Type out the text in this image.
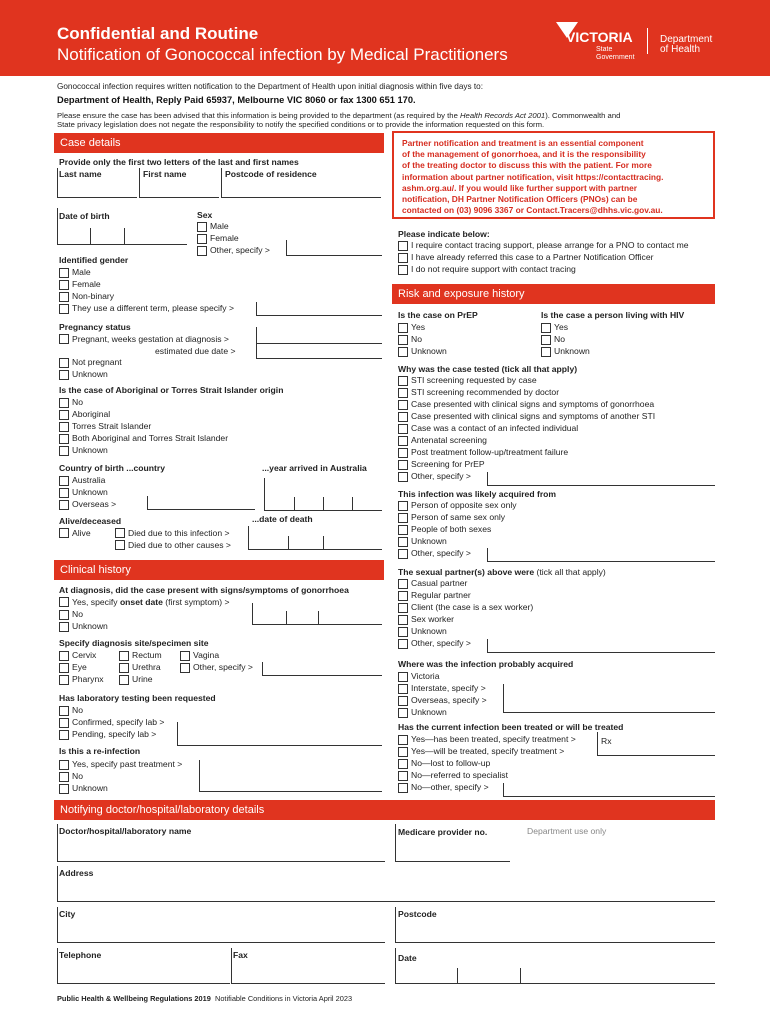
Confidential and Routine
Notification of Gonococcal infection by Medical Practitioners
VICTORIA
State
Government
Department
of Health
Gonococcal infection requires written notification to the Department of Health upon initial diagnosis within five days to:
Department of Health, Reply Paid 65937, Melbourne VIC 8060 or fax 1300 651 170.
Please ensure the case has been advised that this information is being provided to the department (as required by the Health Records Act 2001). Commonwealth and
State privacy legislation does not negate the responsibility to notify the specified conditions or to provide the information requested on this form.
Case details
Provide only the first two letters of the last and first names
Last name	First name	Postcode of residence
Date of birth	Sex
Male
Female
Other, specify >
Identified gender
Male
Female
Non-binary
They use a different term, please specify >
Pregnancy status
Pregnant, weeks gestation at diagnosis >
estimated due date >
Not pregnant
Unknown
Is the case of Aboriginal or Torres Strait Islander origin
No
Aboriginal
Torres Strait Islander
Both Aboriginal and Torres Strait Islander
Unknown
Country of birth ...country	...year arrived in Australia
Australia
Unknown
Overseas >
Alive/deceased	...date of death
Alive	Died due to this infection >
Died due to other causes >
Partner notification and treatment is an essential component
of the management of gonorrhoea, and it is the responsibility
of the treating doctor to discuss this with the patient. For more
information about partner notification, visit https://contacttracing.
ashm.org.au/. If you would like further support with partner
notification, DH Partner Notification Officers (PNOs) can be
contacted on (03) 9096 3367 or Contact.Tracers@dhhs.vic.gov.au.
Please indicate below:
I require contact tracing support, please arrange for a PNO to contact me
I have already referred this case to a Partner Notification Officer
I do not require support with contact tracing
Risk and exposure history
Is the case on PrEP	Is the case a person living with HIV
Yes
No
Unknown
Yes
No
Unknown
Why was the case tested (tick all that apply)
STI screening requested by case
STI screening recommended by doctor
Case presented with clinical signs and symptoms of gonorrhoea
Case presented with clinical signs and symptoms of another STI
Case was a contact of an infected individual
Antenatal screening
Post treatment follow-up/treatment failure
Screening for PrEP
Other, specify >
This infection was likely acquired from
Person of opposite sex only
Person of same sex only
People of both sexes
Unknown
Other, specify >
The sexual partner(s) above were (tick all that apply)
Casual partner
Regular partner
Client (the case is a sex worker)
Sex worker
Unknown
Other, specify >
Where was the infection probably acquired
Victoria
Interstate, specify >
Overseas, specify >
Unknown
Has the current infection been treated or will be treated
Yes—has been treated, specify treatment >
Yes—will be treated, specify treatment >
No—lost to follow-up
No—referred to specialist
No—other, specify >
Rx
Clinical history
At diagnosis, did the case present with signs/symptoms of gonorrhoea
Yes, specify onset date (first symptom) >
No
Unknown
Specify diagnosis site/specimen site
Cervix
Eye
Pharynx
Rectum
Urethra
Urine
Vagina
Other, specify >
Has laboratory testing been requested
No
Confirmed, specify lab >
Pending, specify lab >
Is this a re-infection
Yes, specify past treatment >
No
Unknown
Notifying doctor/hospital/laboratory details
Doctor/hospital/laboratory name	Medicare provider no.	Department use only
Address
City	Postcode
Telephone	Fax	Date
Public Health & Wellbeing Regulations 2019 Notifiable Conditions in Victoria April 2023
